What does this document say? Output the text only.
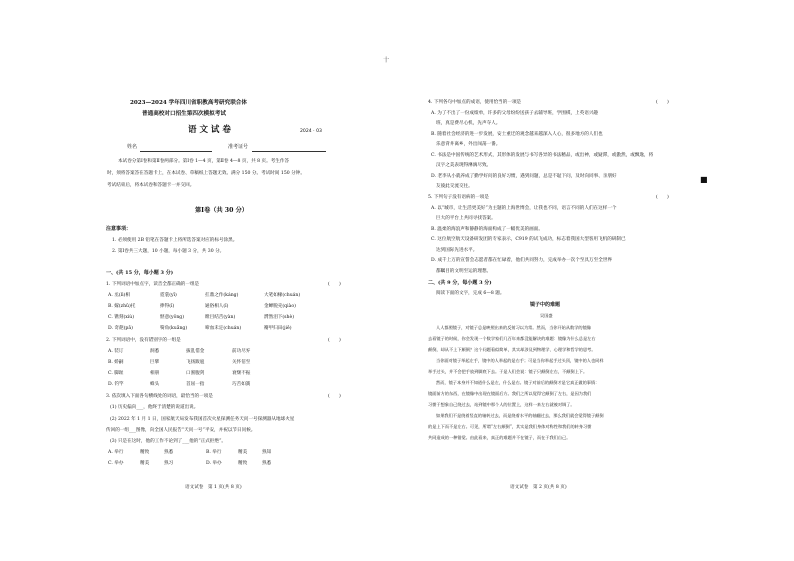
十
■
2023—2024 学年四川省职教高考研究联合体
普通高校对口招生第四次模拟考试
语 文 试 卷	2024 · 03
姓名	准考证号
本试卷分第Ⅰ卷和第Ⅱ卷两部分。第Ⅰ卷 1—4 页，第Ⅱ卷 4—8 页，共 8 页。考生作答
时，须将答案答在答题卡上，在本试卷、草稿纸上答题无效。满分 150 分。考试时间 150 分钟。
考试结束后，将本试卷和答题卡一并交回。
第Ⅰ卷（共 30 分）
注意事项：
1. 必须使用 2B 铅笔在答题卡上将所选答案对应的标号涂黑。
2. 第Ⅰ卷共三大题，10 小题，每小题 3 分，共 30 分。
一、(共 15 分，每小题 3 分)
1. 下列词语中加点字，读音全都正确的一组是	(　　)
A. 丞(lì)相	霓裳(yī)	扛鼎之作(káng)	大笔如椽(chuán)
B. 嫁(zhǔ)托	捧得(ǐ)	通俗相人(ǐ)	金蝉脱壳(qiào)
C. 镌刻(xiù)	惬意(yǒng)	瞠目结舌(yàn)	潸然泪下(shè)
D. 奇葩(pā)	犄角(kuǎng)	啼血未定(chuán)	瓣甲归田(jiě)
2. 下列词语中，没有错别字的一组是	(　　)
A. 装订	洞悉	拔乱借金	前功尽弃
B. 娇嗣	巨擘	飞扬跋扈	关怀倍至
C. 脚趾	相册	口蜜腹剑	衰颓不振
D. 钓竿	蜂头	首屈一指	巧舌如簧
3. 依次填入下面各句横线处的词语，最恰当的一项是	(　　)
(1) 历史偏向___，他终于清楚的说道出说。
(2) 2022 年 1 月 1 日，国家航天局发布我国首次火星探测任务天问一号探测器从地球火星
传回的一组___图像，向全国人民报告“天问一号”平安，并祝以节日问候。
(3) 只是在这时，他的工作不论到了___他的“正式拒绝”。
A. 举行	精致	熟悉	B. 举行	精美	熟知
C. 举办	精美	熟习	D. 举办	精致	熟悉
语文试卷　第 1 页(共 8 页)
4. 下列各句中加点的成语，使用恰当的一项是	(　　)
A. 为了不出了一份成绩单，许多的父母纷纷送孩子去辅导班，学围棋，上英语兴趣
班，真是费尽心机，先声夺人。
B. 随着社会经济的进一步发展，安土重迁的观念越来越深入人心，很多地方的人们也
乐意背井离乡，外出闯荡一番。
C. 书法是中国传统的艺术形式，其形体的发展与书写各异的书法精品，或出神，或疑滞，或傲然，或飘逸，将
汉字之美表现得淋漓尽致。
D. 老李从小就养成了勤学好问的良好习惯，遇到问题，总是不耻下问，及时向同事、亲朋好
友彼此交流交往。
5. 下列句子没有语病的一项是	(　　)
A. 以“城市，让生活更美好”为主题的上海世博会，让我也不同，语言不同的人们在这样一个
巨大的平台上共同寻找答案。
B. 温柔的海浪声和静静的海面构成了一幅优美的画面。
C. 这位航空航天设备研发团的专家表示，C919 的试飞成功，标志着我国大型客用飞机的研制已
达到国际先进水平。
D. 成千上万的宣誓会志愿者都在忙碌着，他们共同努力，完成举办一次个至具万至全世界
都瞩目的文明至运的理想。
二、(共 9 分，每小题 3 分)
阅读下面的文字，完成 6—8 题。
镜子中的难题
吴国盛
人人都照镜子，对镜子总是映照出来的反射习以为常。然而，当你开始从数学的镜像
去看镜子的时候，你会发现一个数学家们几百年来都没能解决的难题：镜像为什么总是左右
颠倒，却从不上下颠倒？这个问题看似简单，其实却涉及到物理学、心理学和哲学的思考。
当你面对镜子举起左手，镜中的人举起的是右手；可是当你举起手过头顶，镜中的人也同样
举手过头，并不会把手放到脚底下去。于是人们会说：镜子只颠倒左右，不颠倒上下。
然而，镜子本身并不知道什么是左，什么是右。镜子对前后的颠倒才是它真正做的事情：
镜面前方的东西，在镜像中出现在镜面后方。我们之所以觉得它颠倒了左右，是因为我们
习惯于想象自己绕过去，站到镜中那个人的位置上，这样一来左右就被对调了。
如果我们不是绕着竖直的轴转过去，而是绕着水平的轴翻过去，那么我们就会觉得镜子颠倒
的是上下而不是左右。可见，所谓“左右颠倒”，其实是我们身体对称性和我们的转身习惯
共同造成的一种错觉。由此看来，真正的难题并不在镜子，而在于我们自己。
语文试卷　第 2 页(共 8 页)
